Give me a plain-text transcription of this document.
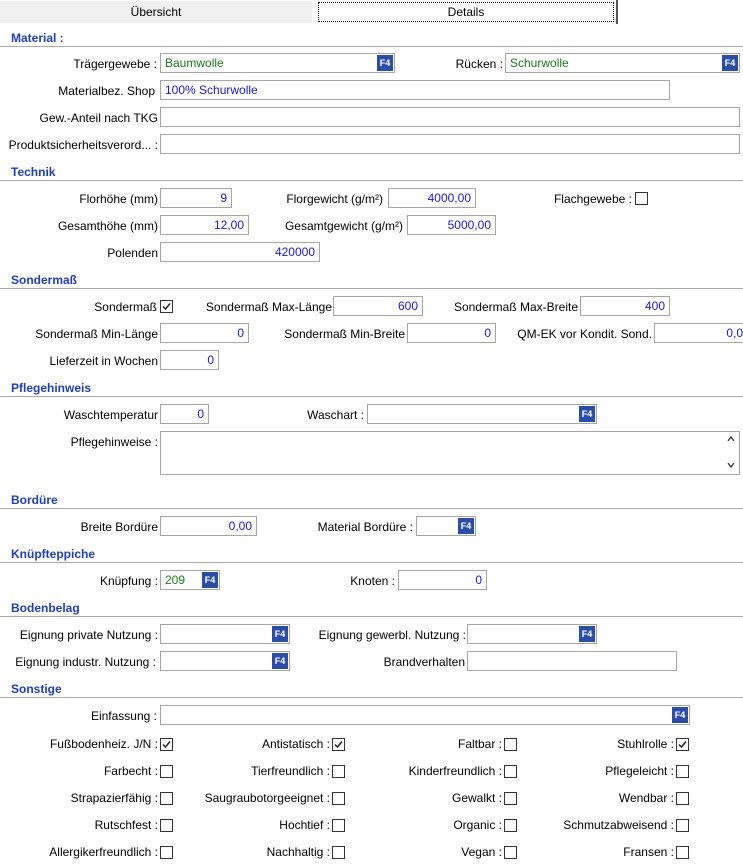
Übersicht	Details
Material :
Trägergewebe : Baumwolle	F4	Rücken : Schurwolle	F4
Materialbez. Shop 100% Schurwolle
Gew.-Anteil nach TKG
Produktsicherheitsverord... :
Technik
Florhöhe (mm)	9	Florgewicht (g/m²)	4000,00	Flachgewebe :
Gesamthöhe (mm)	12,00	Gesamtgewicht (g/m²)	5000,00
Polenden	420000
Sondermaß
Sondermaß	Sondermaß Max-Länge	600	Sondermaß Max-Breite	400
Sondermaß Min-Länge	0	Sondermaß Min-Breite	0	QM-EK vor Kondit. Sond.	0,0
Lieferzeit in Wochen	0
Pflegehinweis
Waschtemperatur	0	Waschart :	F4
Pflegehinweise :
Bordüre
Breite Bordüre	0,00	Material Bordüre :	F4
Knüpfteppiche
Knüpfung : 209	F4	Knoten :	0
Bodenbelag
Eignung private Nutzung :	F4	Eignung gewerbl. Nutzung :	F4
Eignung industr. Nutzung :	F4	Brandverhalten
Sonstige
Einfassung :	F4
Fußbodenheiz. J/N :	Antistatisch :	Faltbar :	Stuhlrolle :
Farbecht :	Tierfreundlich :	Kinderfreundlich :	Pflegeleicht :
Strapazierfähig :	Saugraubotorgeeignet :	Gewalkt :	Wendbar :
Rutschfest :	Hochtief :	Organic :	Schmutzabweisend :
Allergikerfreundlich :	Nachhaltig :	Vegan :	Fransen :
